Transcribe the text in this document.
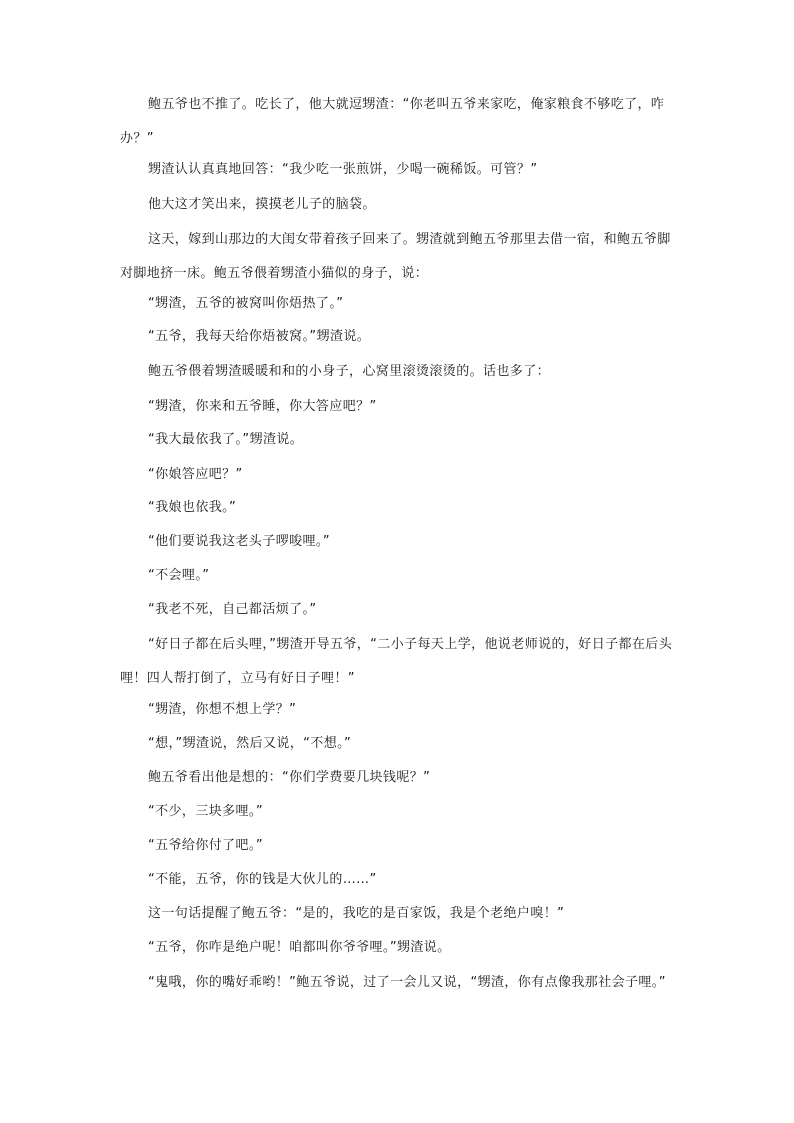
鲍五爷也不推了。吃长了，他大就逗甥渣：“你老叫五爷来家吃，俺家粮食不够吃了，咋办？”

甥渣认认真真地回答：“我少吃一张煎饼，少喝一碗稀饭。可管？”

他大这才笑出来，摸摸老儿子的脑袋。

这天，嫁到山那边的大闺女带着孩子回来了。甥渣就到鲍五爷那里去借一宿，和鲍五爷脚对脚地挤一床。鲍五爷偎着甥渣小猫似的身子，说：

“甥渣，五爷的被窝叫你焐热了。”

“五爷，我每天给你焐被窝。”甥渣说。

鲍五爷偎着甥渣暖暖和和的小身子，心窝里滚烫滚烫的。话也多了：

“甥渣，你来和五爷睡，你大答应吧？”

“我大最依我了。”甥渣说。

“你娘答应吧？”

“我娘也依我。”

“他们要说我这老头子啰唆哩。”

“不会哩。”

“我老不死，自己都活烦了。”

“好日子都在后头哩，”甥渣开导五爷，“二小子每天上学，他说老师说的，好日子都在后头哩！四人帮打倒了，立马有好日子哩！”

“甥渣，你想不想上学？”

“想，”甥渣说，然后又说，“不想。”

鲍五爷看出他是想的：“你们学费要几块钱呢？”

“不少，三块多哩。”

“五爷给你付了吧。”

“不能，五爷，你的钱是大伙儿的……”

这一句话提醒了鲍五爷：“是的，我吃的是百家饭，我是个老绝户嗅！”

“五爷，你咋是绝户呢！咱都叫你爷爷哩。”甥渣说。

“鬼哦，你的嘴好乖哟！”鲍五爷说，过了一会儿又说，“甥渣，你有点像我那社会子哩。”
